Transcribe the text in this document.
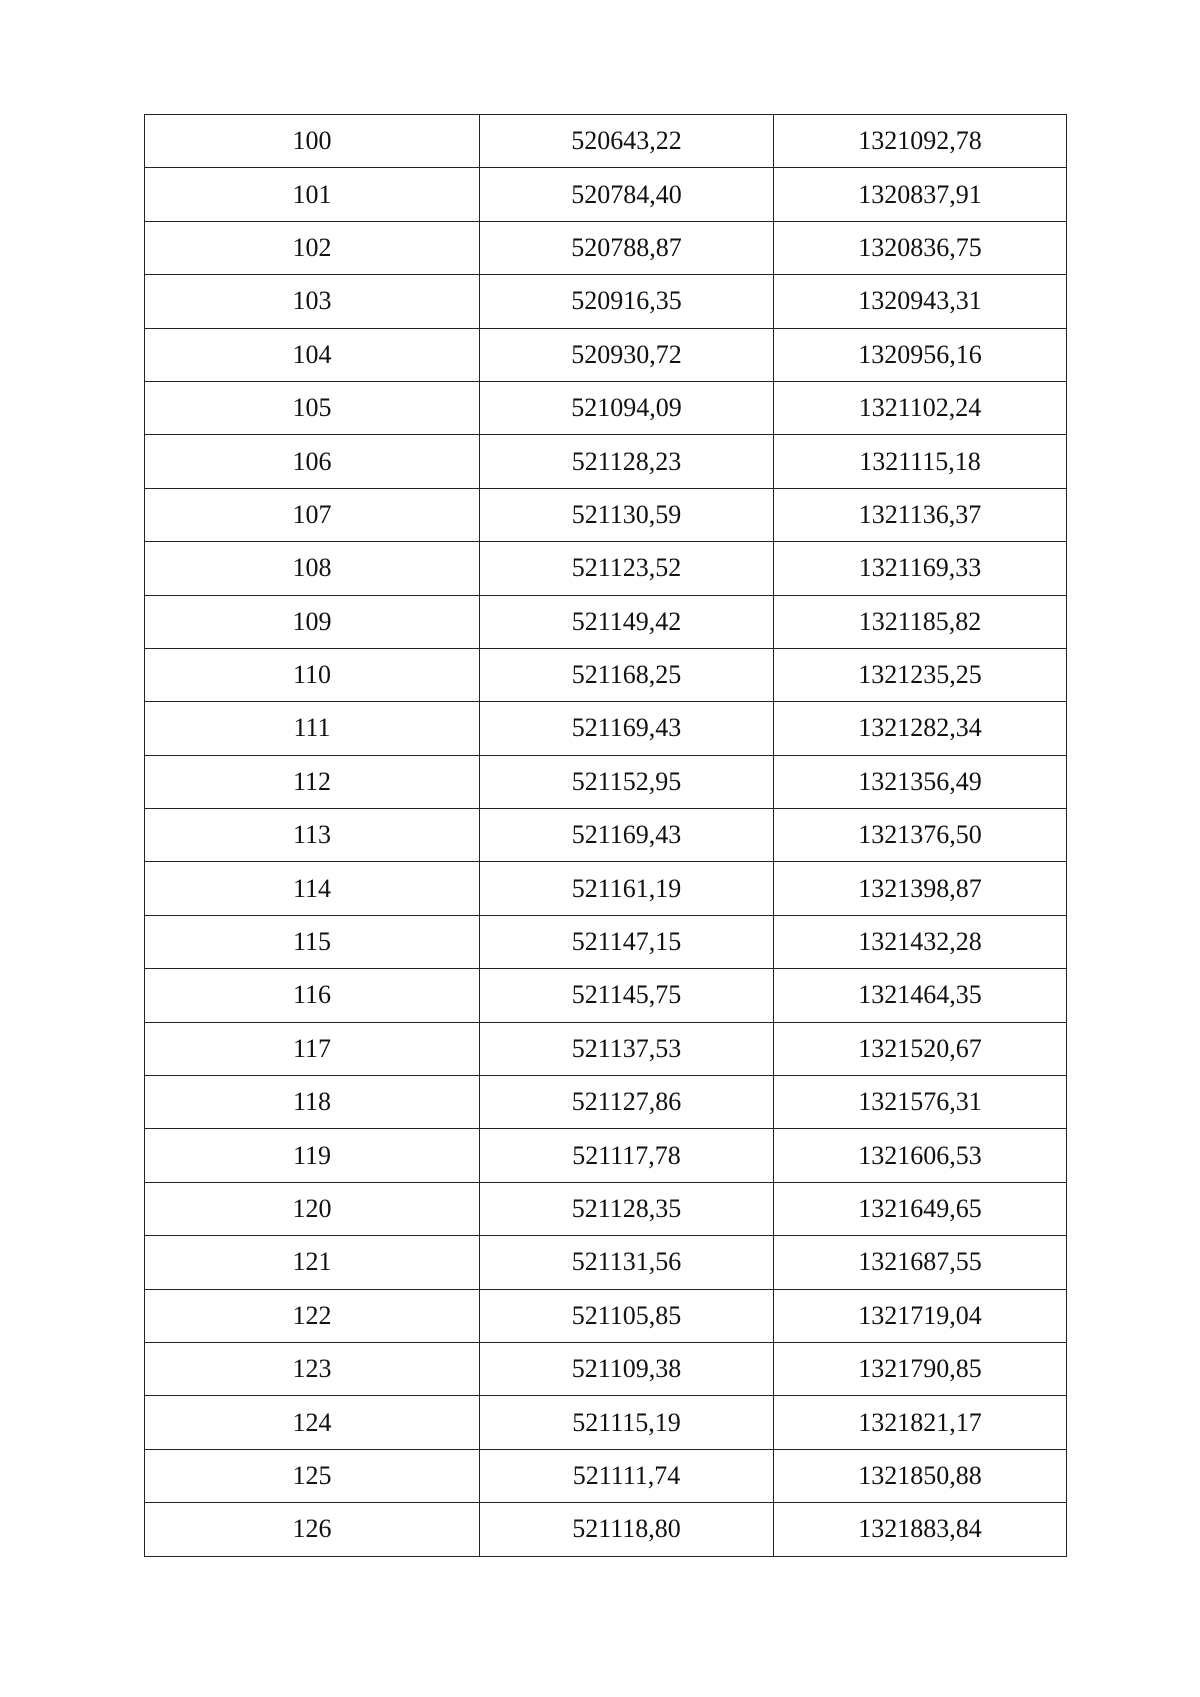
100	520643,22	1321092,78
101	520784,40	1320837,91
102	520788,87	1320836,75
103	520916,35	1320943,31
104	520930,72	1320956,16
105	521094,09	1321102,24
106	521128,23	1321115,18
107	521130,59	1321136,37
108	521123,52	1321169,33
109	521149,42	1321185,82
110	521168,25	1321235,25
111	521169,43	1321282,34
112	521152,95	1321356,49
113	521169,43	1321376,50
114	521161,19	1321398,87
115	521147,15	1321432,28
116	521145,75	1321464,35
117	521137,53	1321520,67
118	521127,86	1321576,31
119	521117,78	1321606,53
120	521128,35	1321649,65
121	521131,56	1321687,55
122	521105,85	1321719,04
123	521109,38	1321790,85
124	521115,19	1321821,17
125	521111,74	1321850,88
126	521118,80	1321883,84
